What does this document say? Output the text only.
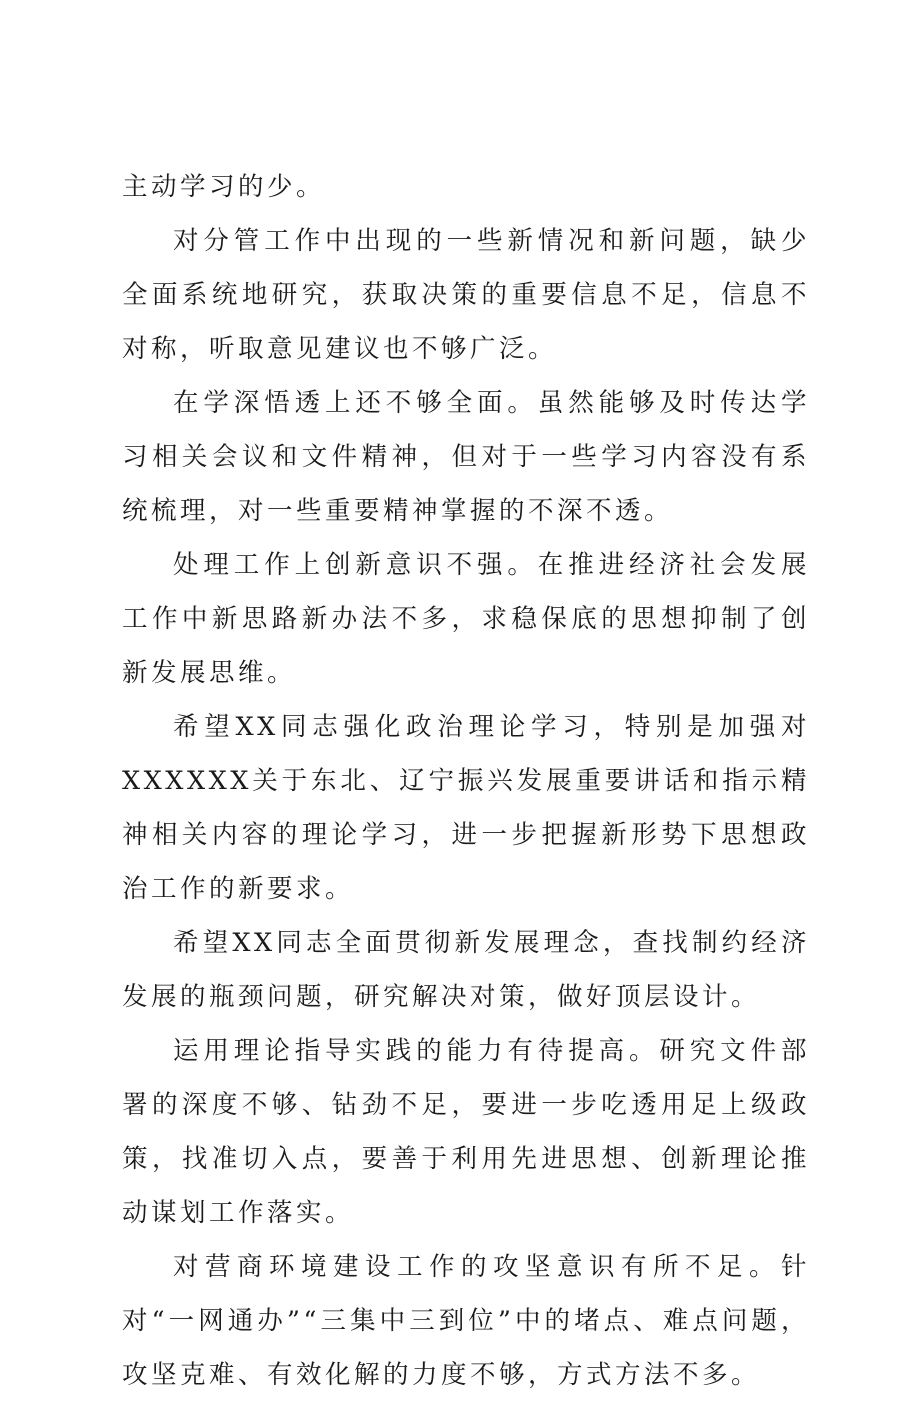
主动学习的少。

对分管工作中出现的一些新情况和新问题，缺少全面系统地研究，获取决策的重要信息不足，信息不对称，听取意见建议也不够广泛。

在学深悟透上还不够全面。虽然能够及时传达学习相关会议和文件精神，但对于一些学习内容没有系统梳理，对一些重要精神掌握的不深不透。

处理工作上创新意识不强。在推进经济社会发展工作中新思路新办法不多，求稳保底的思想抑制了创新发展思维。

希望XX同志强化政治理论学习，特别是加强对XXXXXX关于东北、辽宁振兴发展重要讲话和指示精神相关内容的理论学习，进一步把握新形势下思想政治工作的新要求。

希望XX同志全面贯彻新发展理念，查找制约经济发展的瓶颈问题，研究解决对策，做好顶层设计。

运用理论指导实践的能力有待提高。研究文件部署的深度不够、钻劲不足，要进一步吃透用足上级政策，找准切入点，要善于利用先进思想、创新理论推动谋划工作落实。

对营商环境建设工作的攻坚意识有所不足。针对“一网通办”“三集中三到位”中的堵点、难点问题，攻坚克难、有效化解的力度不够，方式方法不多。
